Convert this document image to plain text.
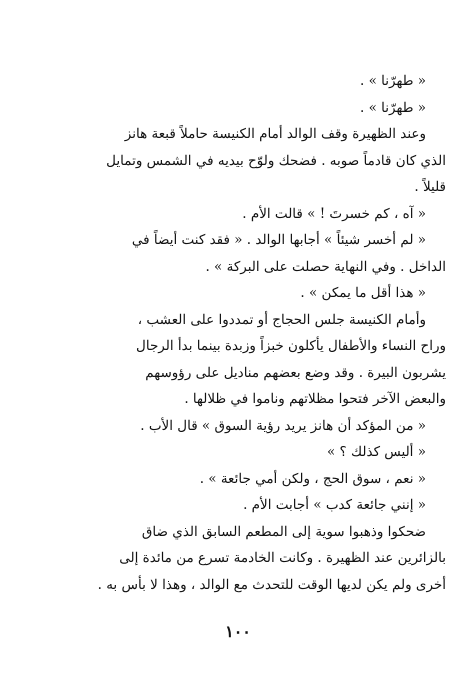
« طهرّنا » .
« طهرّنا » .
وعند الظهيرة وقف الوالد أمام الكنيسة حاملاً قبعة هانز
الذي كان قادماً صوبه . فضحك ولوّح بيديه في الشمس وتمايل
قليلاً .
« آه ، كم خسرتَ ! » قالت الأم .
« لم أخسر شيئاً » أجابها الوالد . « فقد كنت أيضاً في
الداخل . وفي النهاية حصلت على البركة » .
« هذا أقل ما يمكن » .
وأمام الكنيسة جلس الحجاج أو تمددوا على العشب ،
وراح النساء والأطفال يأكلون خبزاً وزبدة بينما بدأ الرجال
يشربون البيرة . وقد وضع بعضهم مناديل على رؤوسهم
والبعض الآخر فتحوا مظلاتهم وناموا في ظلالها .
« من المؤكد أن هانز يريد رؤية السوق » قال الأب .
« أليس كذلك ؟ »
« نعم ، سوق الحج ، ولكن أمي جائعة » .
« إنني جائعة كدب » أجابت الأم .
ضحكوا وذهبوا سوية إلى المطعم السابق الذي ضاق
بالزائرين عند الظهيرة . وكانت الخادمة تسرع من مائدة إلى
أخرى ولم يكن لديها الوقت للتحدث مع الوالد ، وهذا لا بأس به .
١٠٠
